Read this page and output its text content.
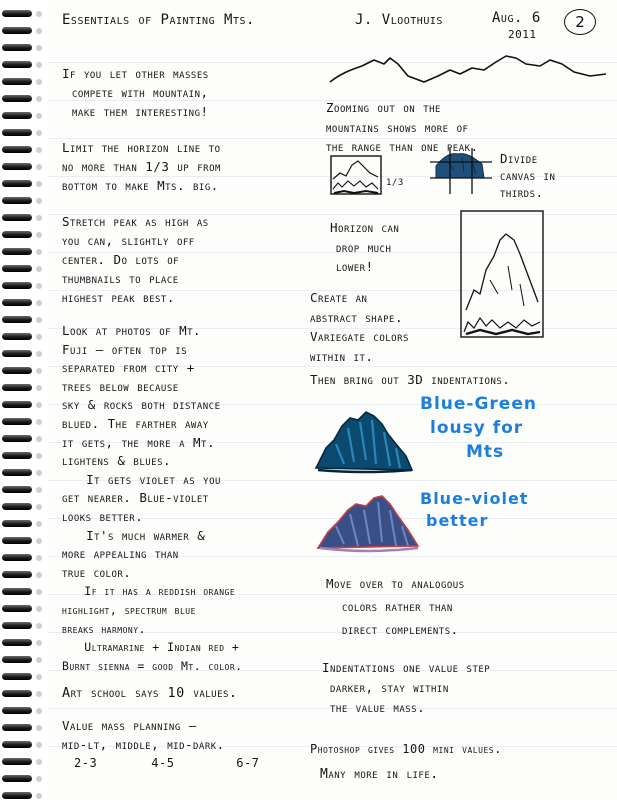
Essentials of Painting Mts.	J. Vloothuis	Aug. 6
2011
2
If you let other masses
compete with mountain,
make them interesting!
Limit the horizon line to
no more than 1/3 up from
bottom to make Mts. big.
Stretch peak as high as
you can, slightly off
center. Do lots of
thumbnails to place
highest peak best.
Look at photos of Mt.
Fuji — often top is
separated from city +
trees below because
sky & rocks both distance
blued. The farther away
it gets, the more a Mt.
lightens & blues.
It gets violet as you
get nearer. Blue-violet
looks better.
It's much warmer &
more appealing than
true color.
If it has a reddish orange
highlight, spectrum blue
breaks harmony.
Ultramarine + Indian red +
Burnt sienna = good Mt. color.
Art school says 10 values.
Value mass planning —
mid-lt, middle, mid-dark.
2-3       4-5        6-7
Zooming out on the
mountains shows more of
the range than one peak.
1/3
Divide
canvas in
thirds.
Horizon can
drop much
lower!
Create an
abstract shape.
Variegate colors
within it.
Then bring out 3D indentations.
Blue-Green
lousy for
Mts
Blue-violet
better
Move over to analogous
colors rather than
direct complements.
Indentations one value step
darker, stay within
the value mass.
Photoshop gives 100 mini values.
Many more in life.
